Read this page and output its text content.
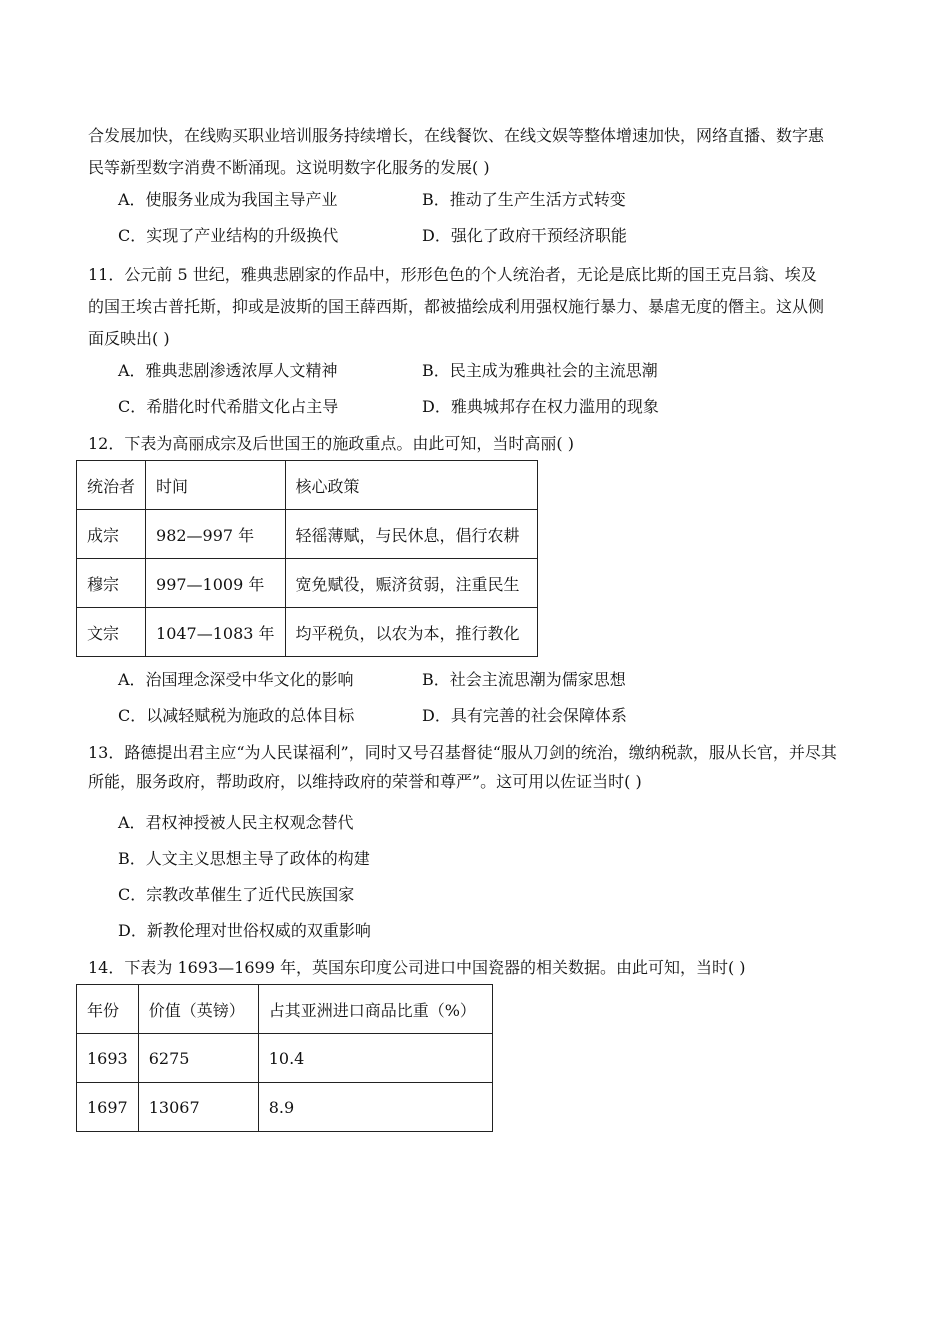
合发展加快，在线购买职业培训服务持续增长，在线餐饮、在线文娱等整体增速加快，网络直播、数字惠
民等新型数字消费不断涌现。这说明数字化服务的发展( )
A．使服务业成为我国主导产业	B．推动了生产生活方式转变
C．实现了产业结构的升级换代	D．强化了政府干预经济职能
11．公元前 5 世纪，雅典悲剧家的作品中，形形色色的个人统治者，无论是底比斯的国王克吕翁、埃及
的国王埃古普托斯，抑或是波斯的国王薛西斯，都被描绘成利用强权施行暴力、暴虐无度的僭主。这从侧
面反映出( )
A．雅典悲剧渗透浓厚人文精神	B．民主成为雅典社会的主流思潮
C．希腊化时代希腊文化占主导	D．雅典城邦存在权力滥用的现象
12．下表为高丽成宗及后世国王的施政重点。由此可知，当时高丽( )
统治者	时间	核心政策
成宗	982—997 年	轻徭薄赋，与民休息，倡行农耕
穆宗	997—1009 年	宽免赋役，赈济贫弱，注重民生
文宗	1047—1083 年	均平税负，以农为本，推行教化
A．治国理念深受中华文化的影响	B．社会主流思潮为儒家思想
C．以减轻赋税为施政的总体目标	D．具有完善的社会保障体系
13．路德提出君主应“为人民谋福利”，同时又号召基督徒“服从刀剑的统治，缴纳税款，服从长官，并尽其
所能，服务政府，帮助政府，以维持政府的荣誉和尊严”。这可用以佐证当时( )
A．君权神授被人民主权观念替代
B．人文主义思想主导了政体的构建
C．宗教改革催生了近代民族国家
D．新教伦理对世俗权威的双重影响
14．下表为 1693—1699 年，英国东印度公司进口中国瓷器的相关数据。由此可知，当时( )
年份	价值（英镑）	占其亚洲进口商品比重（%）
1693	6275	10.4
1697	13067	8.9
